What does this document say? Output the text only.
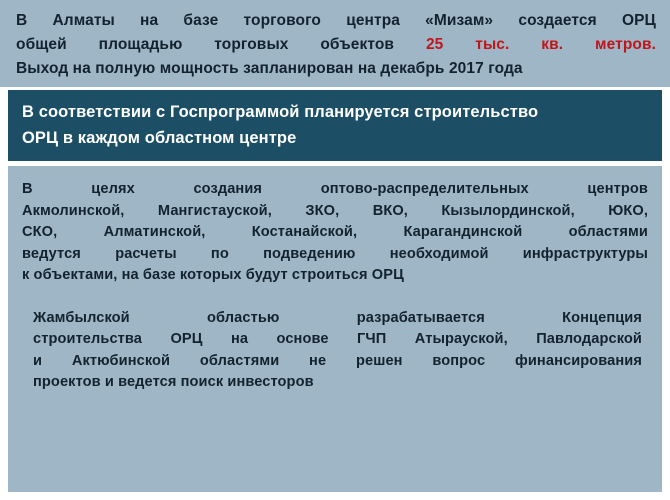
В Алматы на базе торгового центра «Мизам» создается ОРЦ
общей площадью торговых объектов 25 тыс. кв. метров.
Выход на полную мощность запланирован на декабрь 2017 года
В соответствии с Госпрограммой планируется строительство
ОРЦ в каждом областном центре
В целях создания оптово-распределительных центров
Акмолинской, Мангистауской, ЗКО, ВКО, Кызылординской, ЮКО,
СКО, Алматинской, Костанайской, Карагандинской областями
ведутся расчеты по подведению необходимой инфраструктуры
к объектами, на базе которых будут строиться ОРЦ
Жамбылской областью разрабатывается Концепция
строительства ОРЦ на основе ГЧП Атырауской, Павлодарской
и Актюбинской областями не решен вопрос финансирования
проектов и ведется поиск инвесторов
